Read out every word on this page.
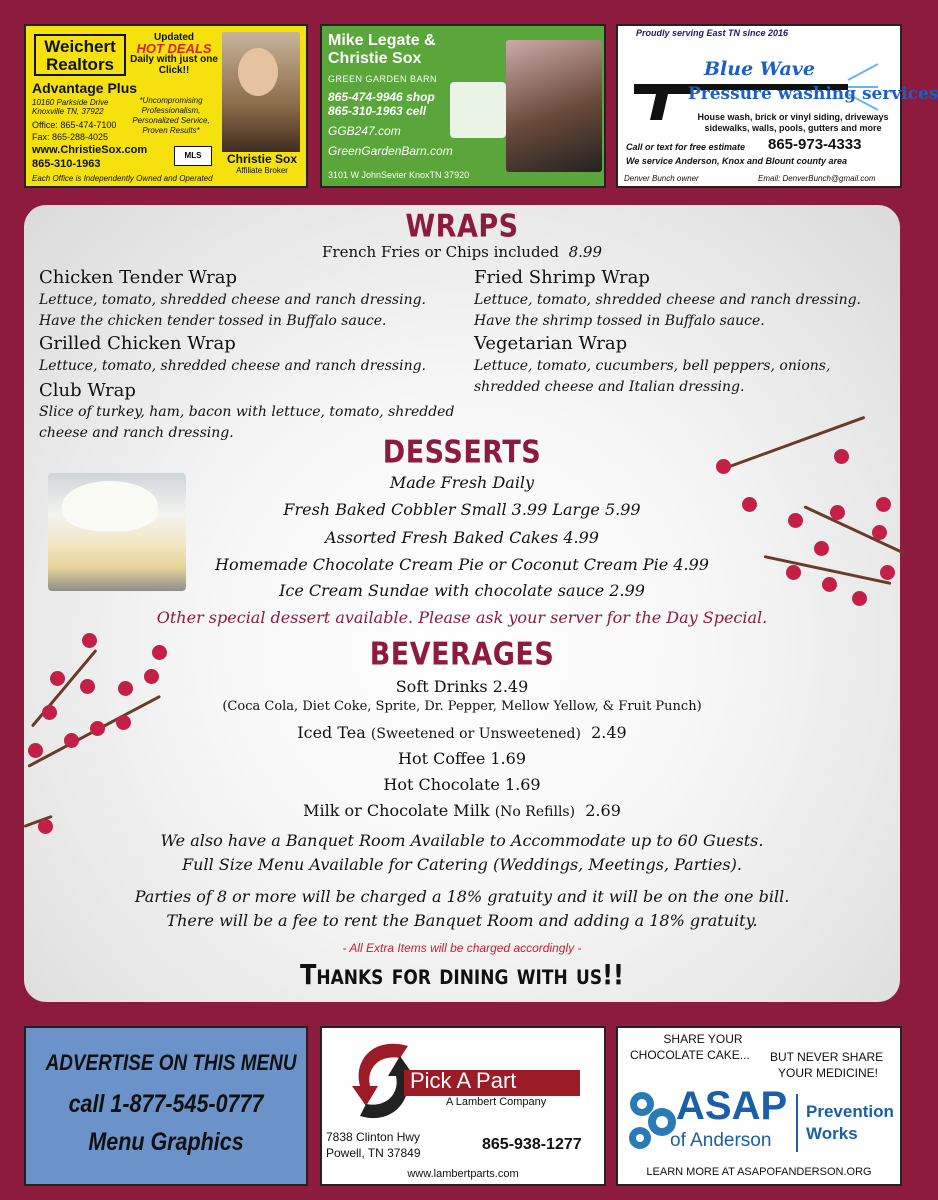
Weichert Realtors
Updated
HOT DEALS
Daily with just one Click!!
Advantage Plus
10160 Parkside Drive
Knoxville TN, 37922
Office: 865-474-7100
Fax: 865-288-4025
*Uncompromising Professionalism, Personalized Service, Proven Results*
www.ChristieSox.com
865-310-1963
MLS	Christie Sox
Affiliate Broker
Each Office is Independently Owned and Operated
Mike Legate & Christie Sox
GREEN GARDEN BARN
865-474-9946 shop
865-310-1963 cell
GGB247.com
GreenGardenBarn.com
3101 W JohnSevier KnoxTN 37920
Proudly serving East TN since 2016
Blue Wave
Pressure washing services
House wash, brick or vinyl siding, driveways sidewalks, walls, pools, gutters and more
Call or text for free estimate 865-973-4333
We service Anderson, Knox and Blount county area
Denver Bunch owner	Email: DenverBunch@gmail.com
WRAPS
French Fries or Chips included 8.99
Chicken Tender Wrap
Lettuce, tomato, shredded cheese and ranch dressing. Have the chicken tender tossed in Buffalo sauce.
Grilled Chicken Wrap
Lettuce, tomato, shredded cheese and ranch dressing.
Club Wrap
Slice of turkey, ham, bacon with lettuce, tomato, shredded cheese and ranch dressing.
Fried Shrimp Wrap
Lettuce, tomato, shredded cheese and ranch dressing. Have the shrimp tossed in Buffalo sauce.
Vegetarian Wrap
Lettuce, tomato, cucumbers, bell peppers, onions, shredded cheese and Italian dressing.
DESSERTS
Made Fresh Daily
Fresh Baked Cobbler Small 3.99 Large 5.99
Assorted Fresh Baked Cakes 4.99
Homemade Chocolate Cream Pie or Coconut Cream Pie 4.99
Ice Cream Sundae with chocolate sauce 2.99
Other special dessert available. Please ask your server for the Day Special.
BEVERAGES
Soft Drinks 2.49
(Coca Cola, Diet Coke, Sprite, Dr. Pepper, Mellow Yellow, & Fruit Punch)
Iced Tea (Sweetened or Unsweetened) 2.49
Hot Coffee 1.69
Hot Chocolate 1.69
Milk or Chocolate Milk (No Refills) 2.69
We also have a Banquet Room Available to Accommodate up to 60 Guests.
Full Size Menu Available for Catering (Weddings, Meetings, Parties).
Parties of 8 or more will be charged a 18% gratuity and it will be on the one bill.
There will be a fee to rent the Banquet Room and adding a 18% gratuity.
- All Extra Items will be charged accordingly -
Thanks for dining with us!!
ADVERTISE ON THIS MENU
call 1-877-545-0777
Menu Graphics
Pick A Part
A Lambert Company
7838 Clinton Hwy
Powell, TN 37849	865-938-1277
www.lambertparts.com
SHARE YOUR
CHOCOLATE CAKE... BUT NEVER SHARE
YOUR MEDICINE!
ASAP
of Anderson
Prevention
Works
LEARN MORE AT ASAPOFANDERSON.ORG
